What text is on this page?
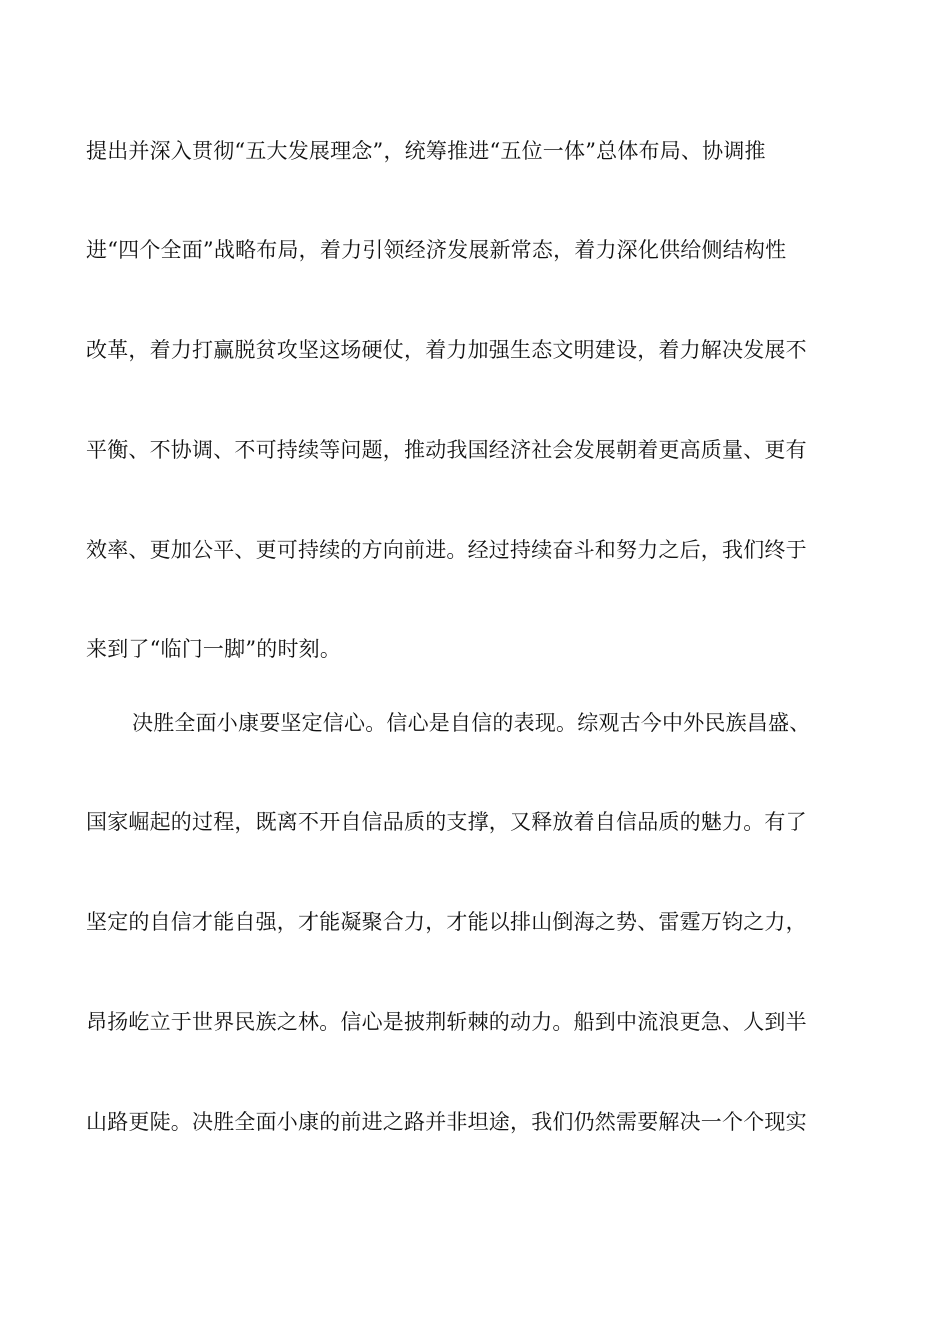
提出并深入贯彻“五大发展理念”，统筹推进“五位一体”总体布局、协调推
进“四个全面”战略布局，着力引领经济发展新常态，着力深化供给侧结构性
改革，着力打赢脱贫攻坚这场硬仗，着力加强生态文明建设，着力解决发展不
平衡、不协调、不可持续等问题，推动我国经济社会发展朝着更高质量、更有
效率、更加公平、更可持续的方向前进。经过持续奋斗和努力之后，我们终于
来到了“临门一脚”的时刻。
决胜全面小康要坚定信心。信心是自信的表现。综观古今中外民族昌盛、
国家崛起的过程，既离不开自信品质的支撑，又释放着自信品质的魅力。有了
坚定的自信才能自强，才能凝聚合力，才能以排山倒海之势、雷霆万钧之力，
昂扬屹立于世界民族之林。信心是披荆斩棘的动力。船到中流浪更急、人到半
山路更陡。决胜全面小康的前进之路并非坦途，我们仍然需要解决一个个现实
